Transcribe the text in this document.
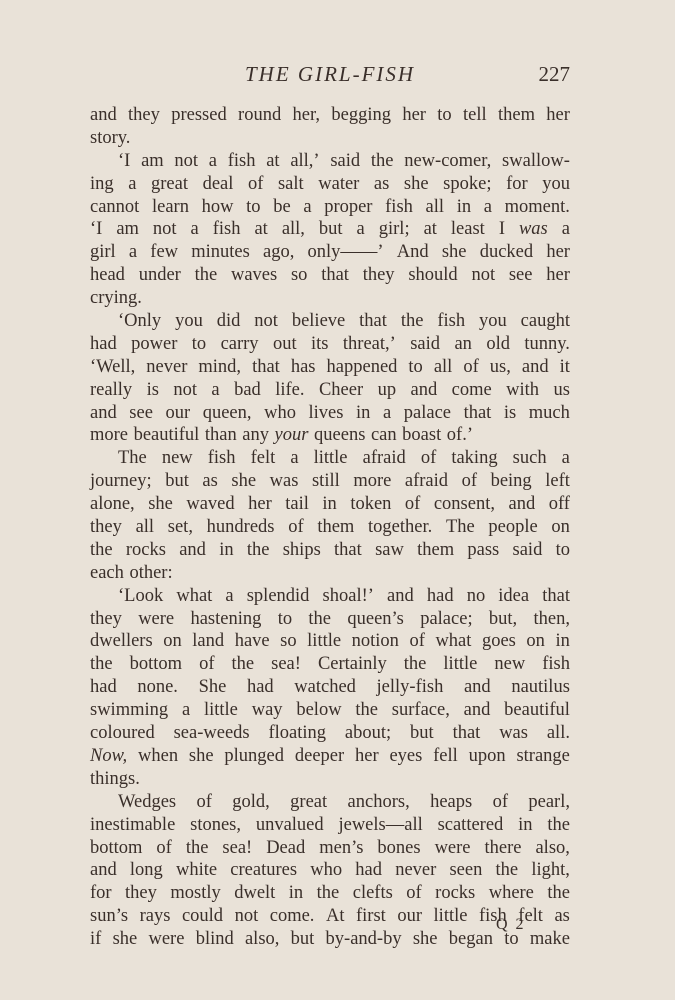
THE GIRL-FISH	227
and they pressed round her, begging her to tell them her
story.
‘I am not a fish at all,’ said the new-comer, swallow-
ing a great deal of salt water as she spoke; for you
cannot learn how to be a proper fish all in a moment.
‘I am not a fish at all, but a girl; at least I was a
girl a few minutes ago, only——’ And she ducked her
head under the waves so that they should not see her
crying.
‘Only you did not believe that the fish you caught
had power to carry out its threat,’ said an old tunny.
‘Well, never mind, that has happened to all of us, and it
really is not a bad life. Cheer up and come with us
and see our queen, who lives in a palace that is much
more beautiful than any your queens can boast of.’
The new fish felt a little afraid of taking such a
journey; but as she was still more afraid of being left
alone, she waved her tail in token of consent, and off
they all set, hundreds of them together. The people on
the rocks and in the ships that saw them pass said to
each other:
‘Look what a splendid shoal!’ and had no idea that
they were hastening to the queen’s palace; but, then,
dwellers on land have so little notion of what goes on in
the bottom of the sea! Certainly the little new fish
had none. She had watched jelly-fish and nautilus
swimming a little way below the surface, and beautiful
coloured sea-weeds floating about; but that was all.
Now, when she plunged deeper her eyes fell upon strange
things.
Wedges of gold, great anchors, heaps of pearl,
inestimable stones, unvalued jewels—all scattered in the
bottom of the sea! Dead men’s bones were there also,
and long white creatures who had never seen the light,
for they mostly dwelt in the clefts of rocks where the
sun’s rays could not come. At first our little fish felt as
if she were blind also, but by-and-by she began to make
Q 2
